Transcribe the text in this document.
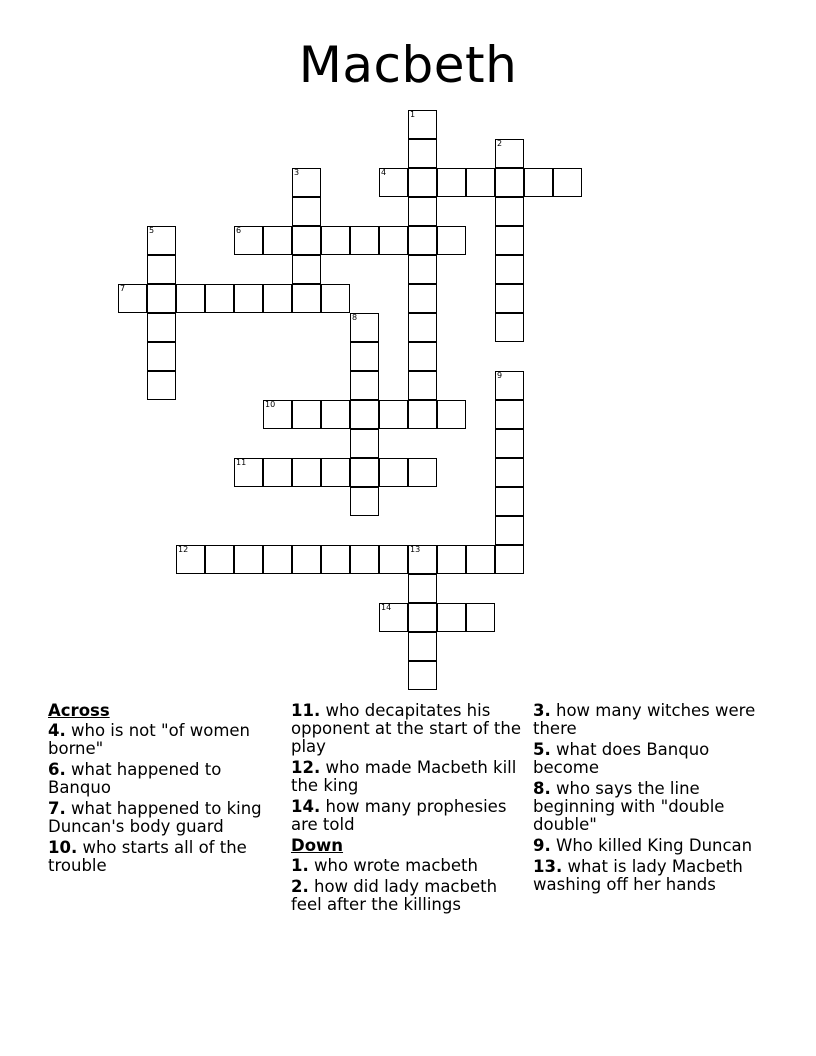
Macbeth
1
2
3	4
5	6
7
8
9
10
11
12	13
14
Across
4. who is not "of women borne"
6. what happened to Banquo
7. what happened to king Duncan's body guard
10. who starts all of the trouble
11. who decapitates his opponent at the start of the play
12. who made Macbeth kill the king
14. how many prophesies are told
Down
1. who wrote macbeth
2. how did lady macbeth feel after the killings
3. how many witches were there
5. what does Banquo become
8. who says the line beginning with "double double"
9. Who killed King Duncan
13. what is lady Macbeth washing off her hands
